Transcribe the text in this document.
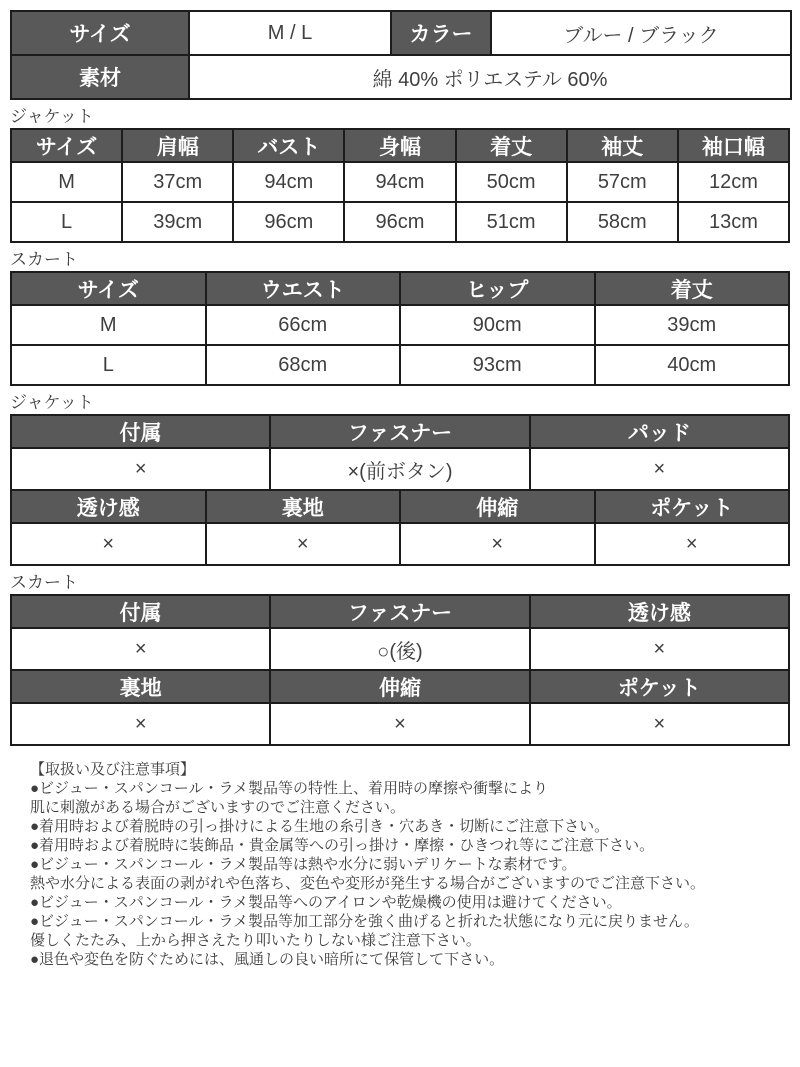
サイズ	M / L	カラー	ブルー / ブラック
素材	綿 40% ポリエステル 60%		
ジャケット
サイズ	肩幅	バスト	身幅	着丈	袖丈	袖口幅
M	37cm	94cm	94cm	50cm	57cm	12cm
L	39cm	96cm	96cm	51cm	58cm	13cm
スカート
サイズ	ウエスト	ヒップ	着丈
M	66cm	90cm	39cm
L	68cm	93cm	40cm
ジャケット
付属	ファスナー	パッド
×	×(前ボタン)	×
透け感	裏地	伸縮	ポケット
×	×	×	×
スカート
付属	ファスナー	透け感
×	○(後)	×
裏地	伸縮	ポケット
×	×	×
【取扱い及び注意事項】
●ビジュー・スパンコール・ラメ製品等の特性上、着用時の摩擦や衝撃により
肌に刺激がある場合がございますのでご注意ください。
●着用時および着脱時の引っ掛けによる生地の糸引き・穴あき・切断にご注意下さい。
●着用時および着脱時に装飾品・貴金属等への引っ掛け・摩擦・ひきつれ等にご注意下さい。
●ビジュー・スパンコール・ラメ製品等は熱や水分に弱いデリケートな素材です。
熱や水分による表面の剥がれや色落ち、変色や変形が発生する場合がございますのでご注意下さい。
●ビジュー・スパンコール・ラメ製品等へのアイロンや乾燥機の使用は避けてください。
●ビジュー・スパンコール・ラメ製品等加工部分を強く曲げると折れた状態になり元に戻りません。
優しくたたみ、上から押さえたり叩いたりしない様ご注意下さい。
●退色や変色を防ぐためには、風通しの良い暗所にて保管して下さい。
